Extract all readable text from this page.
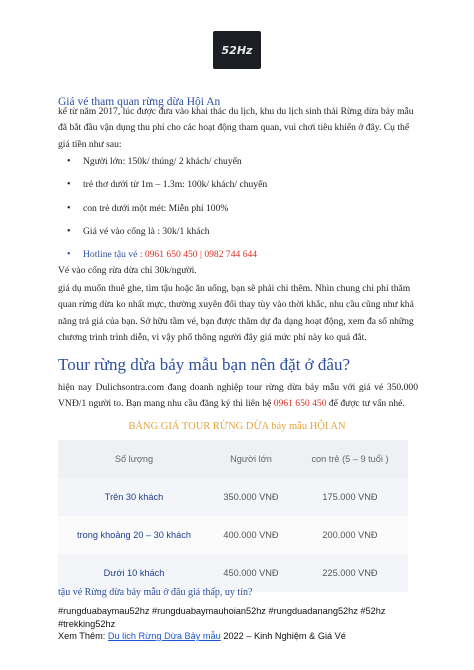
52Hz
Giá vé tham quan rừng dừa Hội An
kể từ năm 2017, lúc được đưa vào khai thác du lịch, khu du lịch sinh thái Rừng dừa bảy mẫu đã bắt đầu vận dụng thu phí cho các hoạt động tham quan, vui chơi tiêu khiển ở đây. Cụ thể giá tiền như sau:
• Người lớn: 150k/ thúng/ 2 khách/ chuyến
• trẻ thơ dưới từ 1m – 1.3m: 100k/ khách/ chuyến
• con trẻ dưới một mét: Miễn phí 100%
• Giá vé vào cổng là : 30k/1 khách
• Hotline tậu vé : 0961 650 450 | 0982 744 644
Vé vào cổng rừa dừa chỉ 30k/người.
giá dụ muốn thuê ghe, tìm tậu hoặc ăn uống, bạn sẽ phải chi thêm. Nhìn chung chi phí thăm quan rừng dừa ko nhất mực, thường xuyên đổi thay tùy vào thời khắc, nhu cầu cũng như khả năng trả giá của bạn. Sở hữu tầm vé, bạn được thăm dự đa dạng hoạt động, xem đa số những chương trình trình diễn, vì vậy phổ thông người đây giá mức phí này ko quá đắt.
Tour rừng dừa bảy mẫu bạn nên đặt ở đâu?
hiện nay Dulichsontra.com đang doanh nghiệp tour rừng dừa bảy mẫu với giá vé 350.000 VNĐ/1 người to. Bạn mang nhu cầu đăng ký thì liên hệ 0961 650 450 để được tư vấn nhé.
BẢNG GIÁ TOUR RỪNG DỪA bảy mẫu HỘI AN
Số lượng	Người lớn	con trẻ (5 – 9 tuổi )
Trên 30 khách	350.000 VNĐ	175.000 VNĐ
trong khoảng 20 – 30 khách	400.000 VNĐ	200.000 VNĐ
Dưới 10 khách	450.000 VNĐ	225.000 VNĐ
tậu vé Rừng dừa bảy mẫu ở đâu giá thấp, uy tín?
#rungduabaymau52hz #rungduabaymauhoian52hz #rungduadanang52hz #52hz #trekking52hz
Xem Thêm: Du lịch Rừng Dừa Bảy mẫu 2022 – Kinh Nghiệm & Giá Vé
